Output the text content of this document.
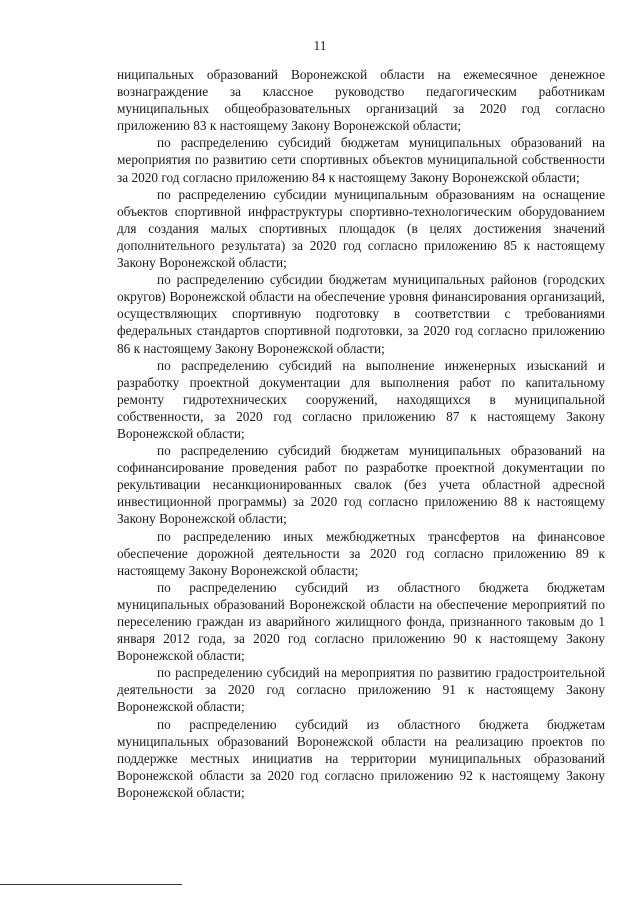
11

ниципальных образований Воронежской области на ежемесячное денежное вознаграждение за классное руководство педагогическим работникам муниципальных общеобразовательных организаций за 2020 год согласно приложению 83 к настоящему Закону Воронежской области;

по распределению субсидий бюджетам муниципальных образований на мероприятия по развитию сети спортивных объектов муниципальной собственности за 2020 год согласно приложению 84 к настоящему Закону Воронежской области;

по распределению субсидии муниципальным образованиям на оснащение объектов спортивной инфраструктуры спортивно-технологическим оборудованием для создания малых спортивных площадок (в целях достижения значений дополнительного результата) за 2020 год согласно приложению 85 к настоящему Закону Воронежской области;

по распределению субсидии бюджетам муниципальных районов (городских округов) Воронежской области на обеспечение уровня финансирования организаций, осуществляющих спортивную подготовку в соответствии с требованиями федеральных стандартов спортивной подготовки, за 2020 год согласно приложению 86 к настоящему Закону Воронежской области;

по распределению субсидий на выполнение инженерных изысканий и разработку проектной документации для выполнения работ по капитальному ремонту гидротехнических сооружений, находящихся в муниципальной собственности, за 2020 год согласно приложению 87 к настоящему Закону Воронежской области;

по распределению субсидий бюджетам муниципальных образований на софинансирование проведения работ по разработке проектной документации по рекультивации несанкционированных свалок (без учета областной адресной инвестиционной программы) за 2020 год согласно приложению 88 к настоящему Закону Воронежской области;

по распределению иных межбюджетных трансфертов на финансовое обеспечение дорожной деятельности за 2020 год согласно приложению 89 к настоящему Закону Воронежской области;

по распределению субсидий из областного бюджета бюджетам муниципальных образований Воронежской области на обеспечение мероприятий по переселению граждан из аварийного жилищного фонда, признанного таковым до 1 января 2012 года, за 2020 год согласно приложению 90 к настоящему Закону Воронежской области;

по распределению субсидий на мероприятия по развитию градостроительной деятельности за 2020 год согласно приложению 91 к настоящему Закону Воронежской области;

по распределению субсидий из областного бюджета бюджетам муниципальных образований Воронежской области на реализацию проектов по поддержке местных инициатив на территории муниципальных образований Воронежской области за 2020 год согласно приложению 92 к настоящему Закону Воронежской области;
